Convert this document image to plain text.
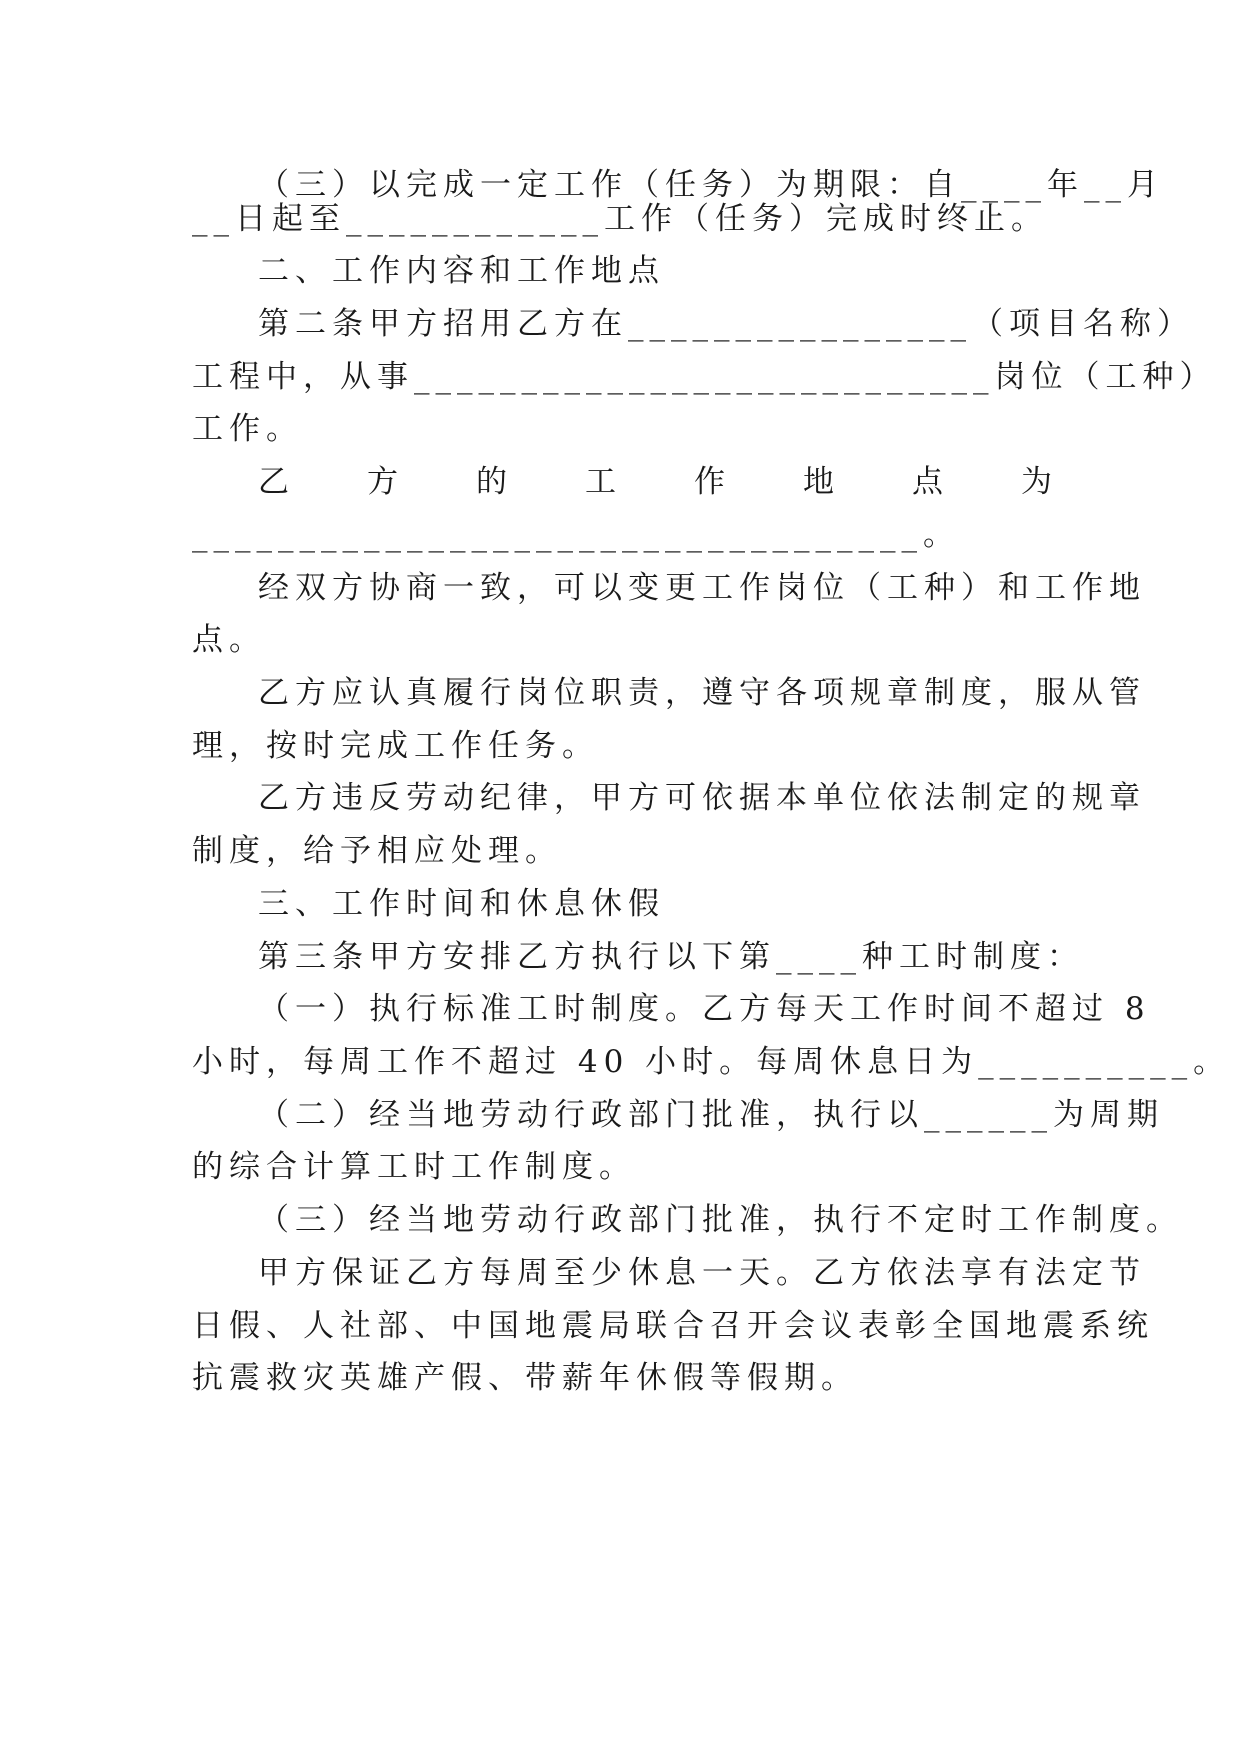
（三）以完成一定工作（任务）为期限：自____年__月
__日起至____________工作（任务）完成时终止。
二、工作内容和工作地点
第二条甲方招用乙方在________________（项目名称）
工程中，从事___________________________岗位（工种）
工作。
乙	方	的	工	作	地	点	为
__________________________________。
经双方协商一致，可以变更工作岗位（工种）和工作地
点。
乙方应认真履行岗位职责，遵守各项规章制度，服从管
理，按时完成工作任务。
乙方违反劳动纪律，甲方可依据本单位依法制定的规章
制度，给予相应处理。
三、工作时间和休息休假
第三条甲方安排乙方执行以下第____种工时制度：
（一）执行标准工时制度。乙方每天工作时间不超过 8
小时，每周工作不超过 40 小时。每周休息日为__________。
（二）经当地劳动行政部门批准，执行以______为周期
的综合计算工时工作制度。
（三）经当地劳动行政部门批准，执行不定时工作制度。
甲方保证乙方每周至少休息一天。乙方依法享有法定节
日假、人社部、中国地震局联合召开会议表彰全国地震系统
抗震救灾英雄产假、带薪年休假等假期。
